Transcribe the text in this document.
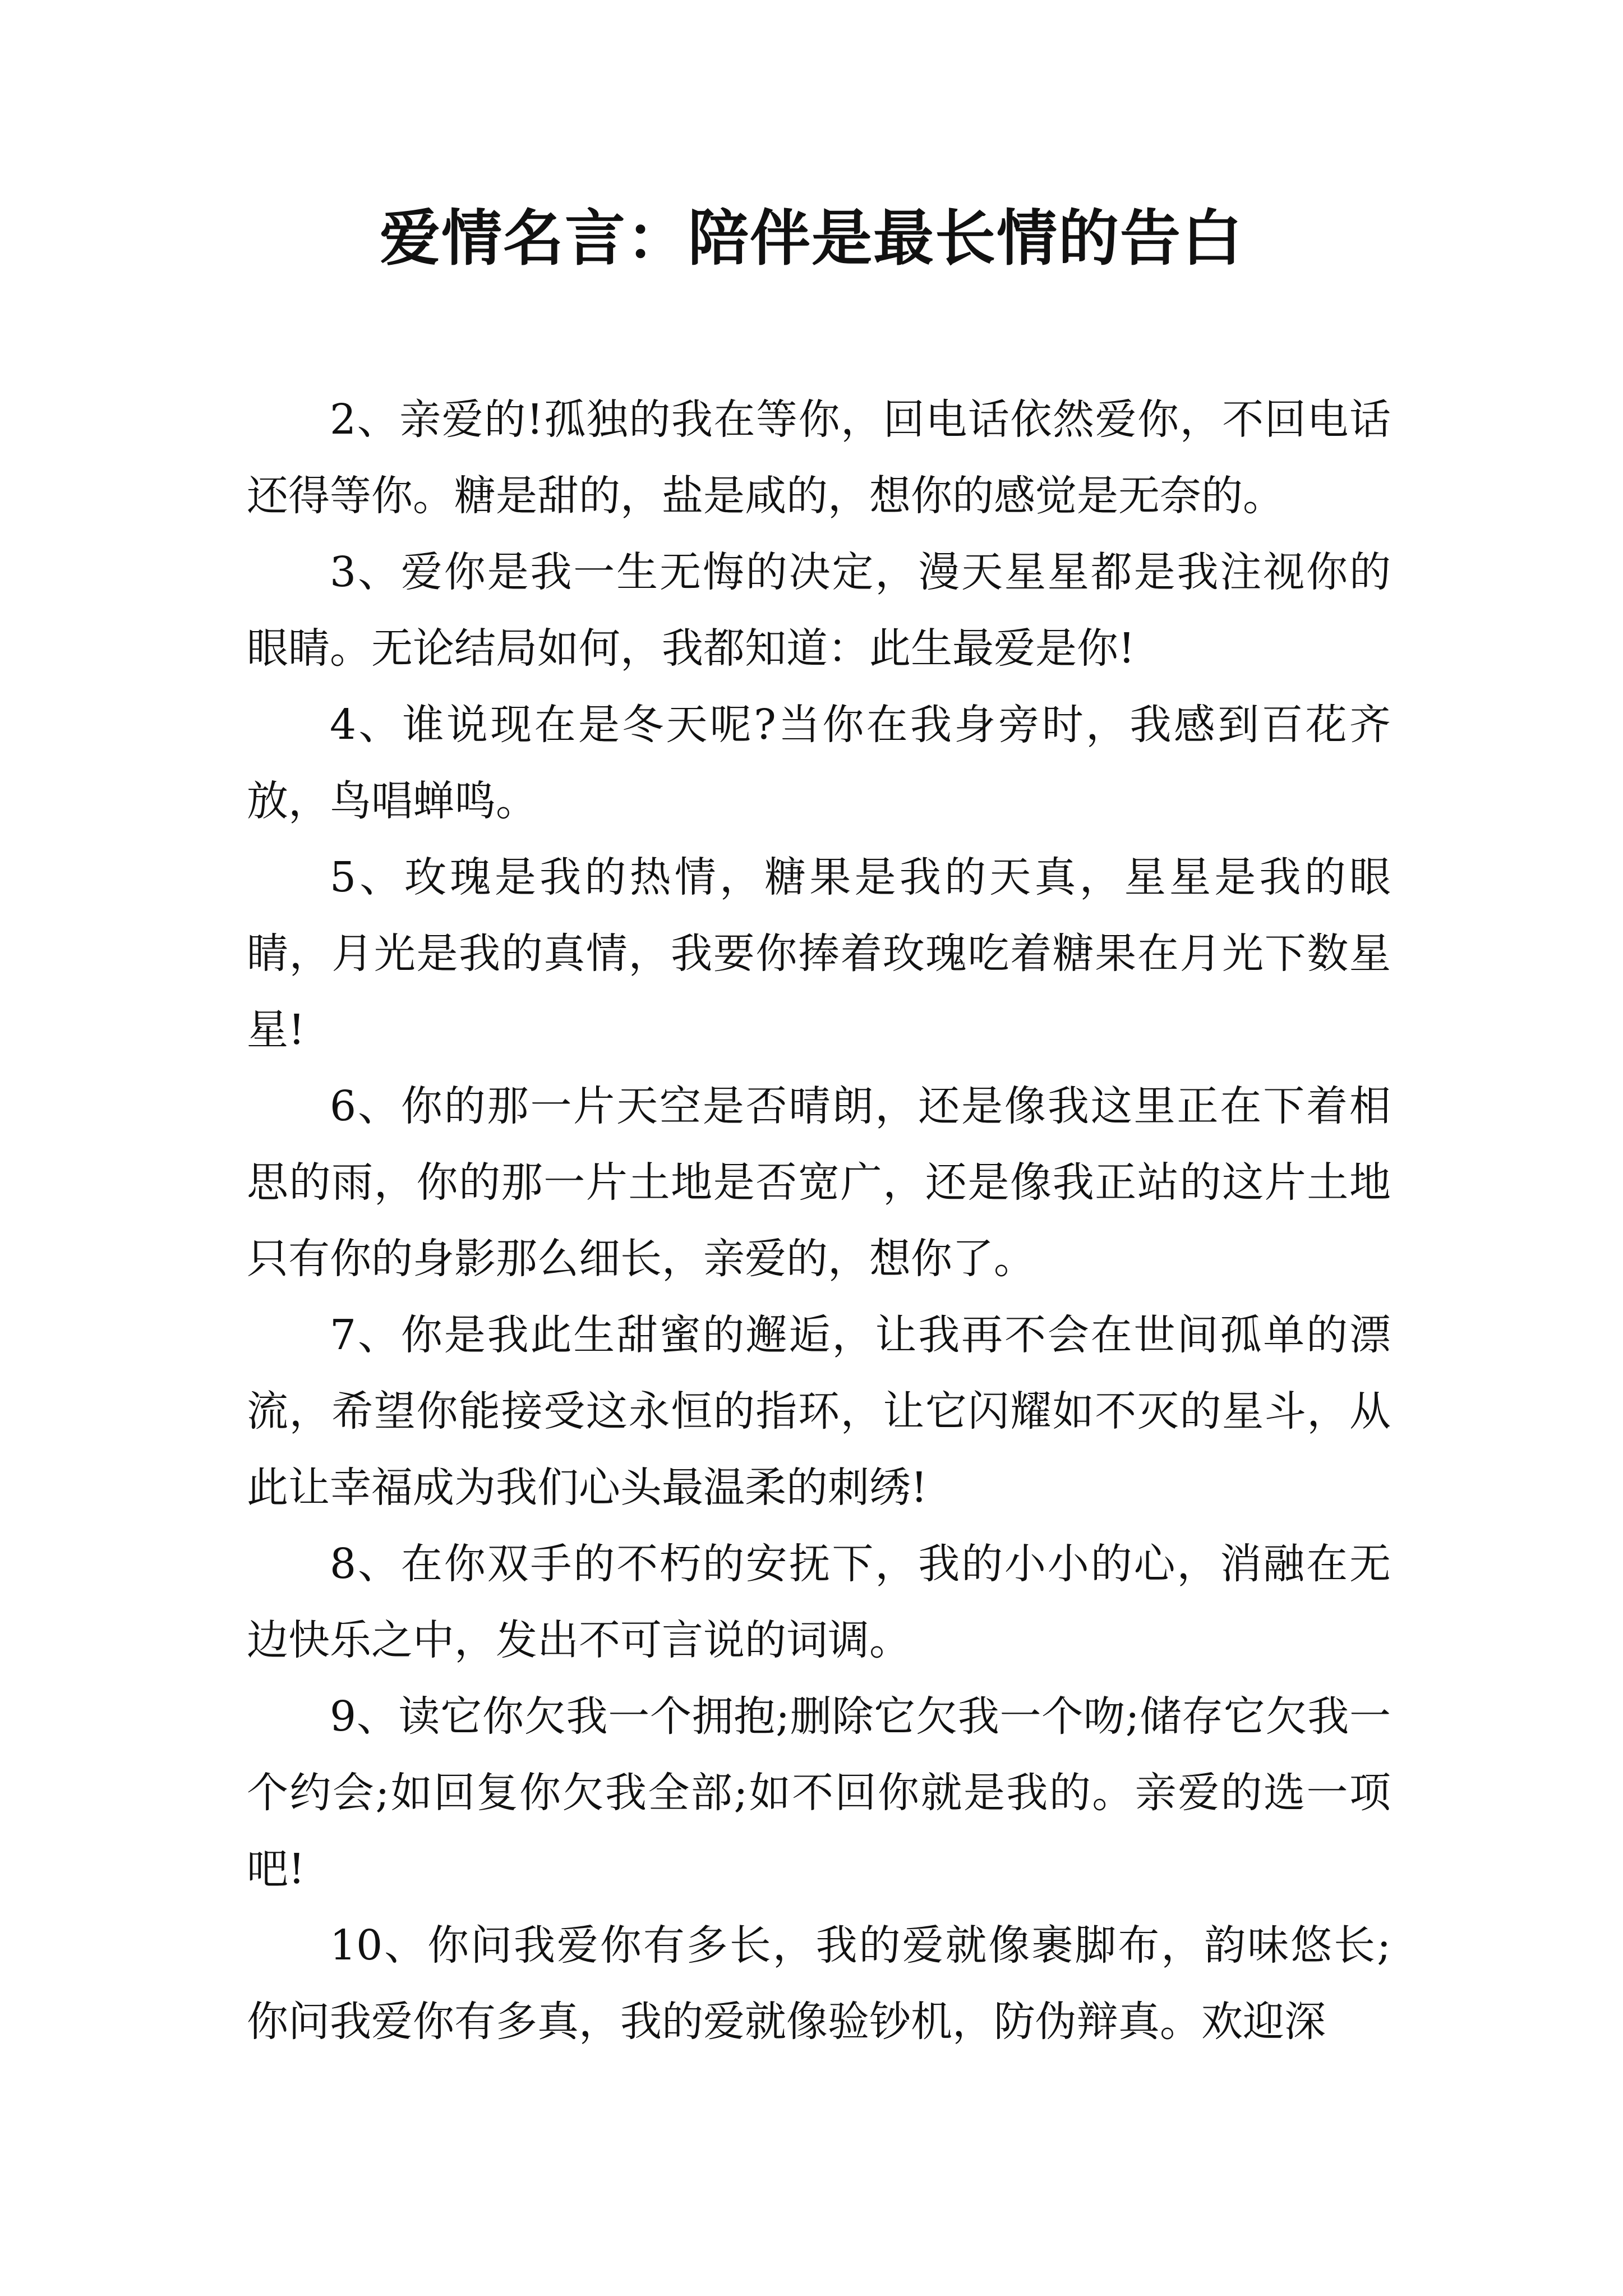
爱情名言：陪伴是最长情的告白

2、亲爱的!孤独的我在等你，回电话依然爱你，不回电话还得等你。糖是甜的，盐是咸的，想你的感觉是无奈的。

3、爱你是我一生无悔的决定，漫天星星都是我注视你的眼睛。无论结局如何，我都知道：此生最爱是你!

4、谁说现在是冬天呢?当你在我身旁时，我感到百花齐放，鸟唱蝉鸣。

5、玫瑰是我的热情，糖果是我的天真，星星是我的眼睛，月光是我的真情，我要你捧着玫瑰吃着糖果在月光下数星星!

6、你的那一片天空是否晴朗，还是像我这里正在下着相思的雨，你的那一片土地是否宽广，还是像我正站的这片土地只有你的身影那么细长，亲爱的，想你了。

7、你是我此生甜蜜的邂逅，让我再不会在世间孤单的漂流，希望你能接受这永恒的指环，让它闪耀如不灭的星斗，从此让幸福成为我们心头最温柔的刺绣!

8、在你双手的不朽的安抚下，我的小小的心，消融在无边快乐之中，发出不可言说的词调。

9、读它你欠我一个拥抱;删除它欠我一个吻;储存它欠我一个约会;如回复你欠我全部;如不回你就是我的。亲爱的选一项吧!

10、你问我爱你有多长，我的爱就像裹脚布，韵味悠长;你问我爱你有多真，我的爱就像验钞机，防伪辩真。欢迎深
